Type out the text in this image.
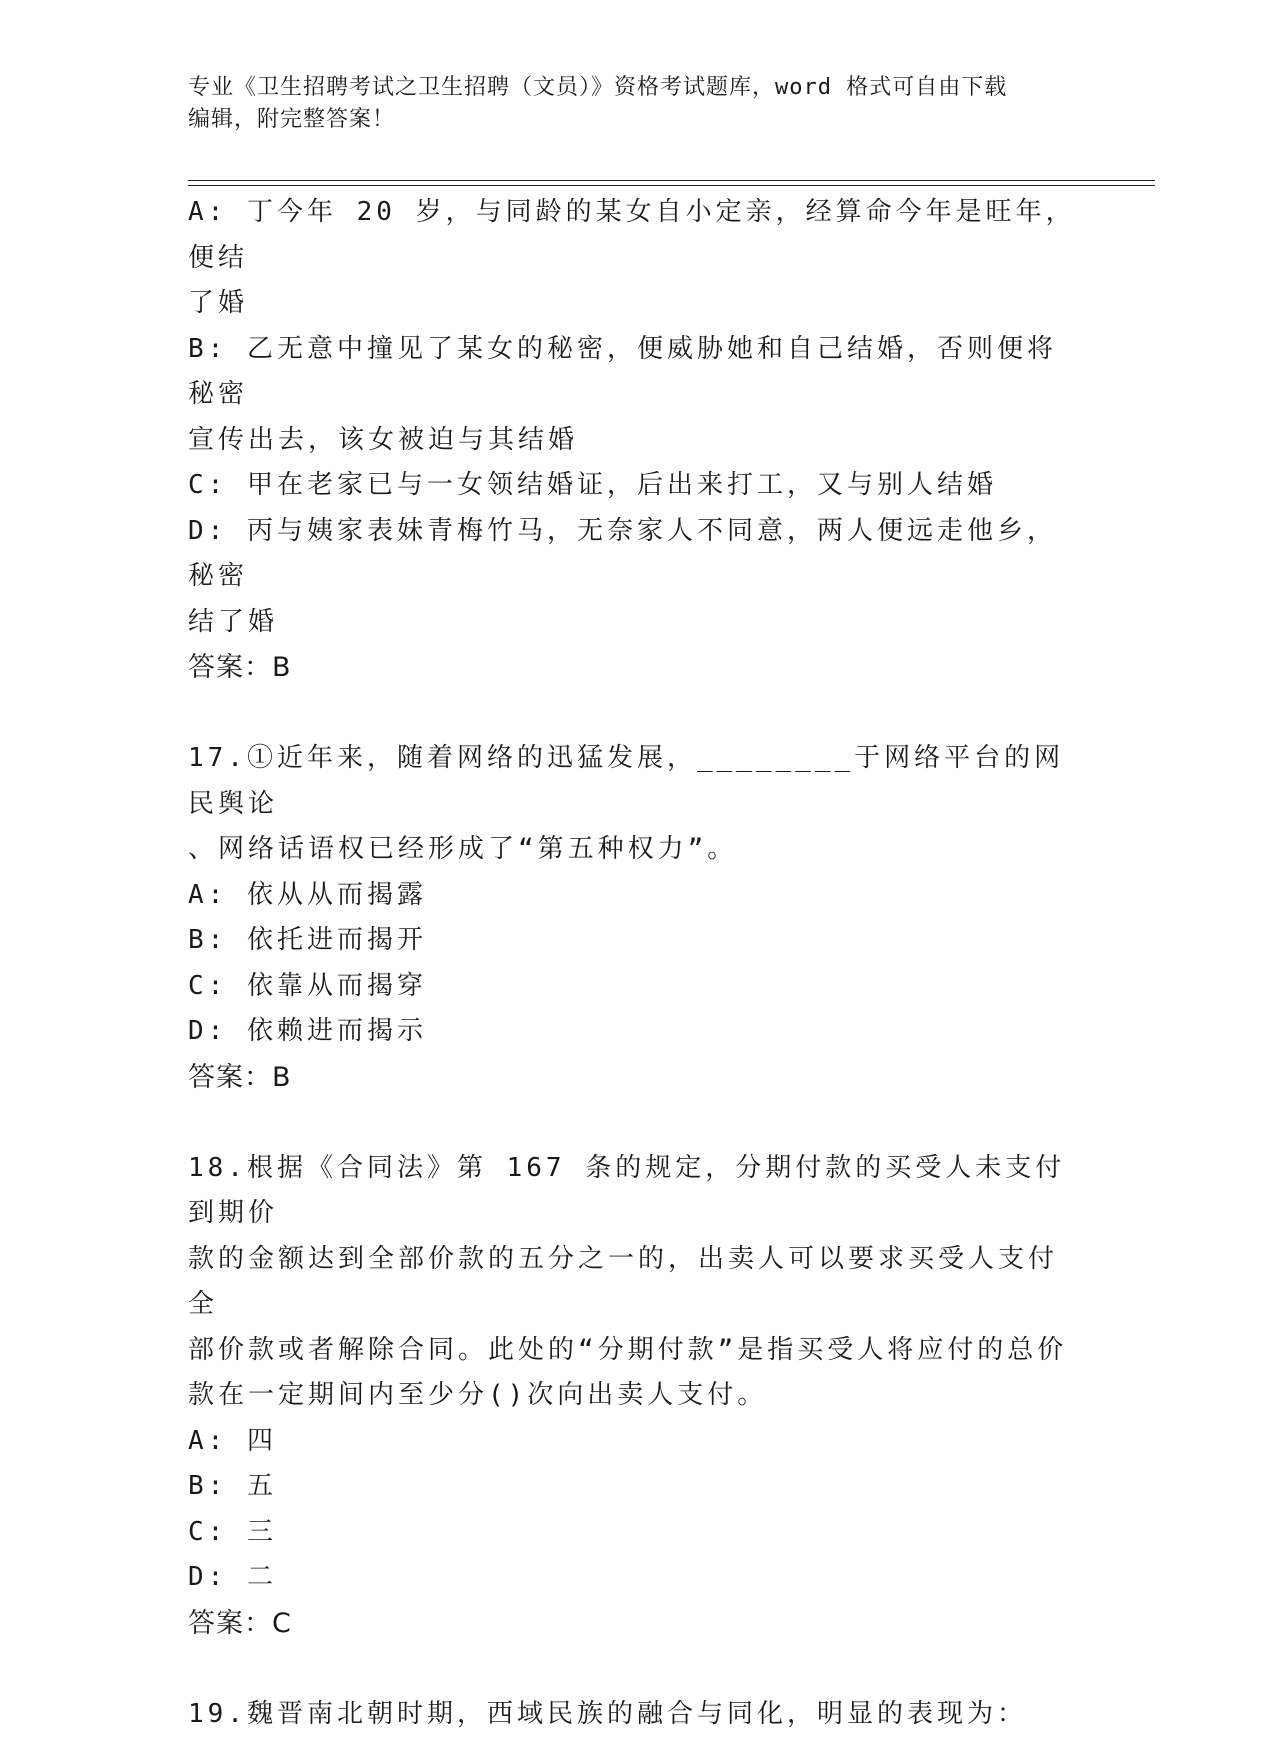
专业《卫生招聘考试之卫生招聘（文员）》资格考试题库，word 格式可自由下载
编辑，附完整答案！
A: 丁今年 20 岁，与同龄的某女自小定亲，经算命今年是旺年，便结
了婚
B: 乙无意中撞见了某女的秘密，便威胁她和自己结婚，否则便将秘密
宣传出去，该女被迫与其结婚
C: 甲在老家已与一女领结婚证，后出来打工，又与别人结婚
D: 丙与姨家表妹青梅竹马，无奈家人不同意，两人便远走他乡，秘密
结了婚
答案：B
17.①近年来，随着网络的迅猛发展，________于网络平台的网民舆论
、网络话语权已经形成了“第五种权力”。
A: 依从从而揭露
B: 依托进而揭开
C: 依靠从而揭穿
D: 依赖进而揭示
答案：B
18.根据《合同法》第 167 条的规定，分期付款的买受人未支付到期价
款的金额达到全部价款的五分之一的，出卖人可以要求买受人支付全
部价款或者解除合同。此处的“分期付款”是指买受人将应付的总价
款在一定期间内至少分()次向出卖人支付。
A: 四
B: 五
C: 三
D: 二
答案：C
19.魏晋南北朝时期，西域民族的融合与同化，明显的表现为：
